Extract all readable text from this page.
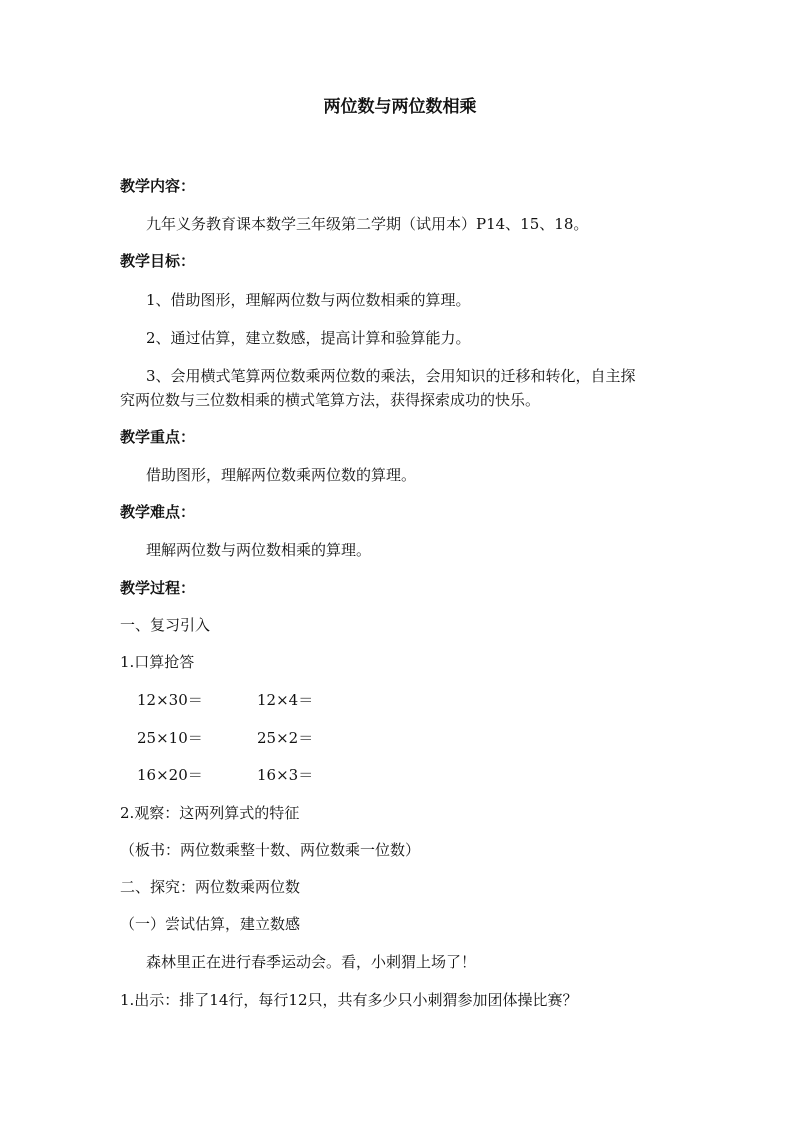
两位数与两位数相乘
教学内容：
九年义务教育课本数学三年级第二学期（试用本）P14、15、18。
教学目标：
1、借助图形，理解两位数与两位数相乘的算理。
2、通过估算，建立数感，提高计算和验算能力。
3、会用横式笔算两位数乘两位数的乘法，会用知识的迁移和转化，自主探
究两位数与三位数相乘的横式笔算方法，获得探索成功的快乐。
教学重点：
借助图形，理解两位数乘两位数的算理。
教学难点：
理解两位数与两位数相乘的算理。
教学过程：
一、复习引入
1.口算抢答
12×30＝	12×4＝
25×10＝	25×2＝
16×20＝	16×3＝
2.观察：这两列算式的特征
（板书：两位数乘整十数、两位数乘一位数）
二、探究：两位数乘两位数
（一）尝试估算，建立数感
森林里正在进行春季运动会。看，小刺猬上场了！
1.出示：排了14行，每行12只，共有多少只小刺猬参加团体操比赛？
